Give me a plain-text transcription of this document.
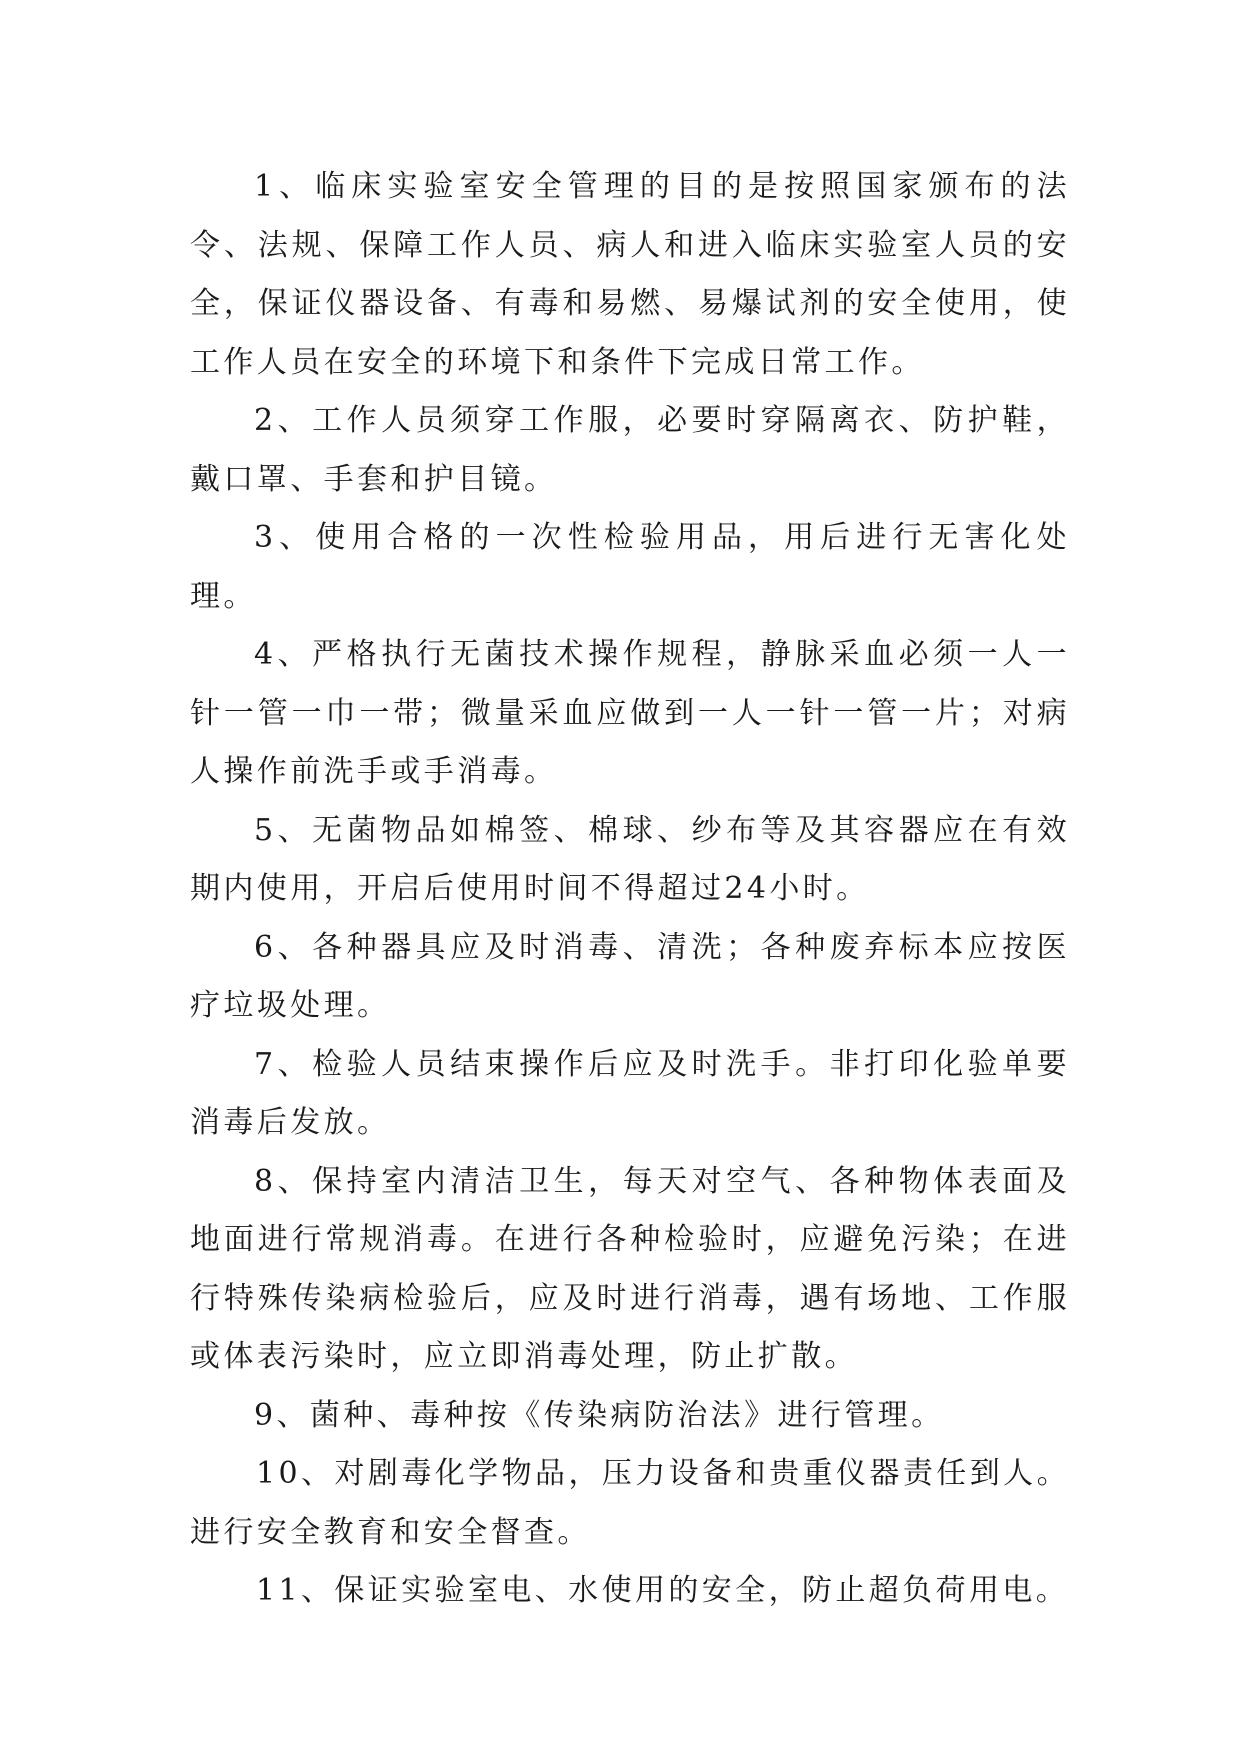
1、临床实验室安全管理的目的是按照国家颁布的法令、法规、保障工作人员、病人和进入临床实验室人员的安全，保证仪器设备、有毒和易燃、易爆试剂的安全使用，使工作人员在安全的环境下和条件下完成日常工作。

2、工作人员须穿工作服，必要时穿隔离衣、防护鞋，戴口罩、手套和护目镜。

3、使用合格的一次性检验用品，用后进行无害化处理。

4、严格执行无菌技术操作规程，静脉采血必须一人一针一管一巾一带；微量采血应做到一人一针一管一片；对病人操作前洗手或手消毒。

5、无菌物品如棉签、棉球、纱布等及其容器应在有效期内使用，开启后使用时间不得超过24小时。

6、各种器具应及时消毒、清洗；各种废弃标本应按医疗垃圾处理。

7、检验人员结束操作后应及时洗手。非打印化验单要消毒后发放。

8、保持室内清洁卫生，每天对空气、各种物体表面及地面进行常规消毒。在进行各种检验时，应避免污染；在进行特殊传染病检验后，应及时进行消毒，遇有场地、工作服或体表污染时，应立即消毒处理，防止扩散。

9、菌种、毒种按《传染病防治法》进行管理。

10、对剧毒化学物品，压力设备和贵重仪器责任到人。进行安全教育和安全督查。

11、保证实验室电、水使用的安全，防止超负荷用电。
